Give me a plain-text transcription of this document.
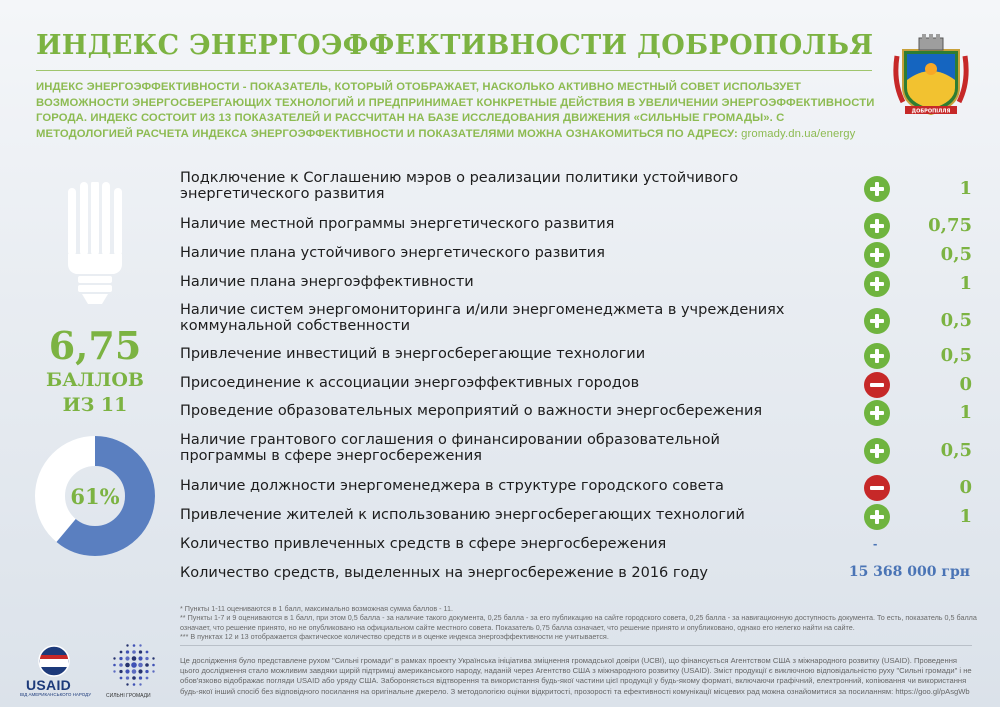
ИНДЕКС ЭНЕРГОЭФФЕКТИВНОСТИ ДОБРОПОЛЬЯ
ИНДЕКС ЭНЕРГОЭФФЕКТИВНОСТИ - ПОКАЗАТЕЛЬ, КОТОРЫЙ ОТОБРАЖАЕТ, НАСКОЛЬКО АКТИВНО МЕСТНЫЙ СОВЕТ ИСПОЛЬЗУЕТ ВОЗМОЖНОСТИ ЭНЕРГОСБЕРЕГАЮЩИХ ТЕХНОЛОГИЙ И ПРЕДПРИНИМАЕТ КОНКРЕТНЫЕ ДЕЙСТВИЯ В УВЕЛИЧЕНИИ ЭНЕРГОЭФФЕКТИВНОСТИ ГОРОДА. ИНДЕКС СОСТОИТ ИЗ 13 ПОКАЗАТЕЛЕЙ И РАССЧИТАН НА БАЗЕ ИССЛЕДОВАНИЯ ДВИЖЕНИЯ «СИЛЬНЫЕ ГРОМАДЫ». С МЕТОДОЛОГИЕЙ РАСЧЕТА ИНДЕКСА ЭНЕРГОЭФФЕКТИВНОСТИ И ПОКАЗАТЕЛЯМИ МОЖНА ОЗНАКОМИТЬСЯ ПО АДРЕСУ: gromady.dn.ua/energy
ДОБРОПІЛЛЯ
6,75
БАЛЛОВ
ИЗ 11
61%
Подключение к Соглашению мэров о реализации политики устойчивого энергетического развития	1
Наличие местной программы энергетического развития	0,75
Наличие плана устойчивого энергетического развития	0,5
Наличие плана энергоэффективности	1
Наличие систем энергомониторинга и/или энергоменеджмета в учреждениях коммунальной собственности	0,5
Привлечение инвестиций в энергосберегающие технологии	0,5
Присоединение к ассоциации энергоэффективных городов	0
Проведение образовательных мероприятий о важности энергосбережения	1
Наличие грантового соглашения о финансировании образовательной программы в сфере энергосбережения	0,5
Наличие должности энергоменеджера в структуре городского совета	0
Привлечение жителей к использованию энергосберегающих технологий	1
Количество привлеченных средств в сфере энергосбережения	-
Количество средств, выделенных на энергосбережение в 2016 году	15 368 000 грн
* Пункты 1-11 оцениваются в 1 балл, максимально возможная сумма баллов - 11.
** Пункты 1-7 и 9 оцениваются в 1 балл, при этом 0,5 балла - за наличие такого документа, 0,25 балла - за его публикацию на сайте городского совета, 0,25 балла - за навигационную доступность документа. То есть, показатель 0,5 балла означает, что решение принято, но не опубликовано на официальном сайте местного совета. Показатель 0,75 балла означает, что решение принято и опубликовано, однако его нелегко найти на сайте.
*** В пунктах 12 и 13 отображается фактическое количество средств и в оценке индекса энергоэффективности не учитывается.
Це дослідження було представлене рухом "Сильні громади" в рамках проекту Українська ініціатива зміцнення громадської довіри (UCBI), що фінансується Агентством США з міжнародного розвитку (USAID). Проведення цього дослідження стало можливим завдяки щирій підтримці американського народу, наданій через Агентство США з міжнародного розвитку (USAID). Зміст продукції є виключною відповідальністю руху "Сильні громади" і не обов'язково відображає погляди USAID або уряду США. Забороняється відтворення та використання будь-якої частини цієї продукції у будь-якому форматі, включаючи графічний, електронний, копіювання чи використання будь-якої інший спосіб без відповідного посилання на оригінальне джерело. З методологією оцінки відкритості, прозорості та ефективності комунікації місцевих рад можна ознайомитися за посиланням: https://goo.gl/pAsgWb
USAID
ВІД АМЕРИКАНСЬКОГО НАРОДУ	СИЛЬНІ ГРОМАДИ
